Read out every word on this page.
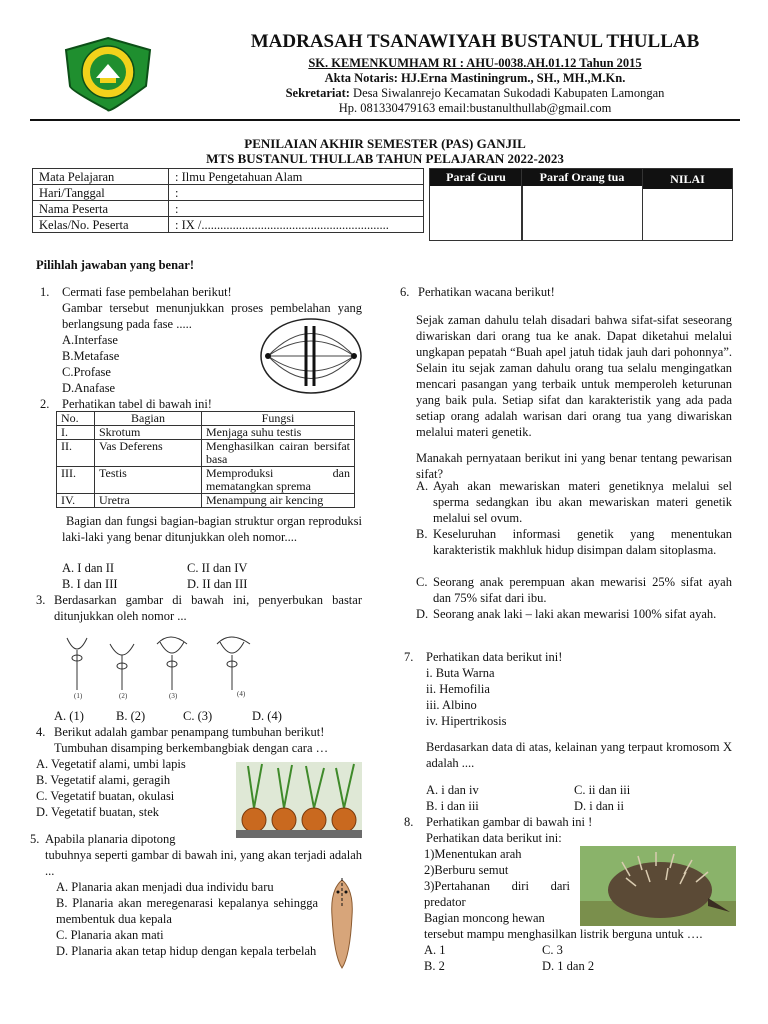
MADRASAH TSANAWIYAH BUSTANUL THULLAB
SK. KEMENKUMHAM RI : AHU-0038.AH.01.12 Tahun 2015
Akta Notaris: HJ.Erna Mastiningrum., SH., MH.,M.Kn.
Sekretariat: Desa Siwalanrejo Kecamatan Sukodadi Kabupaten Lamongan
Hp. 081330479163 email:bustanulthullab@gmail.com
PENILAIAN AKHIR SEMESTER (PAS) GANJIL
MTS BUSTANUL THULLAB TAHUN PELAJARAN 2022-2023
Mata Pelajaran	: Ilmu Pengetahuan Alam
Hari/Tanggal	:
Nama Peserta	:
Kelas/No. Peserta	: IX /............................................................
Paraf Guru	Paraf Orang tua	NILAI
Pilihlah jawaban yang benar!
1. Cermati fase pembelahan berikut!
Gambar tersebut menunjukkan proses pembelahan yang berlangsung pada fase .....
A.Interfase
B.Metafase
C.Profase
D.Anafase
2. Perhatikan tabel di bawah ini!
No.	Bagian	Fungsi
I.	Skrotum	Menjaga suhu testis
II.	Vas Deferens	Menghasilkan cairan bersifat basa
III.	Testis	Memproduksi dan mematangkan sprema
IV.	Uretra	Menampung air kencing
Bagian dan fungsi bagian-bagian struktur organ reproduksi laki-laki yang benar ditunjukkan oleh nomor....
A. I dan II	C. II dan IV
B. I dan III	D. II dan III
3. Berdasarkan gambar di bawah ini, penyerbukan bastar ditunjukkan oleh nomor ...
(1)	(2)	(3)	(4)
A. (1)	B. (2)	C. (3)	D. (4)
4. Berikut adalah gambar penampang tumbuhan berikut!
Tumbuhan disamping berkembangbiak dengan cara …
A. Vegetatif alami, umbi lapis
B. Vegetatif alami, geragih
C. Vegetatif buatan, okulasi
D. Vegetatif buatan, stek
5. Apabila planaria dipotong
tubuhnya seperti gambar di bawah ini, yang akan terjadi adalah ...
A. Planaria akan menjadi dua individu baru
B. Planaria akan meregenarasi kepalanya sehingga membentuk dua kepala
C. Planaria akan mati
D. Planaria akan tetap hidup dengan kepala terbelah
6. Perhatikan wacana berikut!
Sejak zaman dahulu telah disadari bahwa sifat-sifat seseorang diwariskan dari orang tua ke anak. Dapat diketahui melalui ungkapan pepatah “Buah apel jatuh tidak jauh dari pohonnya”. Selain itu sejak zaman dahulu orang tua selalu mengingatkan mencari pasangan yang terbaik untuk memperoleh keturunan yang baik pula. Setiap sifat dan karakteristik yang ada pada setiap orang adalah warisan dari orang tua yang diwariskan melalui materi genetik.
Manakah pernyataan berikut ini yang benar tentang pewarisan sifat?
A. Ayah akan mewariskan materi genetiknya melalui sel sperma sedangkan ibu akan mewariskan materi genetik melalui sel ovum.
B. Keseluruhan informasi genetik yang menentukan karakteristik makhluk hidup disimpan dalam sitoplasma.
C. Seorang anak perempuan akan mewarisi 25% sifat ayah dan 75% sifat dari ibu.
D. Seorang anak laki – laki akan mewarisi 100% sifat ayah.
7. Perhatikan data berikut ini!
i. Buta Warna
ii. Hemofilia
iii. Albino
iv. Hipertrikosis
Berdasarkan data di atas, kelainan yang terpaut kromosom X adalah ....
A. i dan iv	C. ii dan iii
B. i dan iii	D. i dan ii
8. Perhatikan gambar di bawah ini !
Perhatikan data berikut ini:
1)Menentukan arah
2)Berburu semut
3)Pertahanan diri dari predator
Bagian moncong hewan
tersebut mampu menghasilkan listrik berguna untuk ….
A. 1	C. 3
B. 2	D. 1 dan 2
